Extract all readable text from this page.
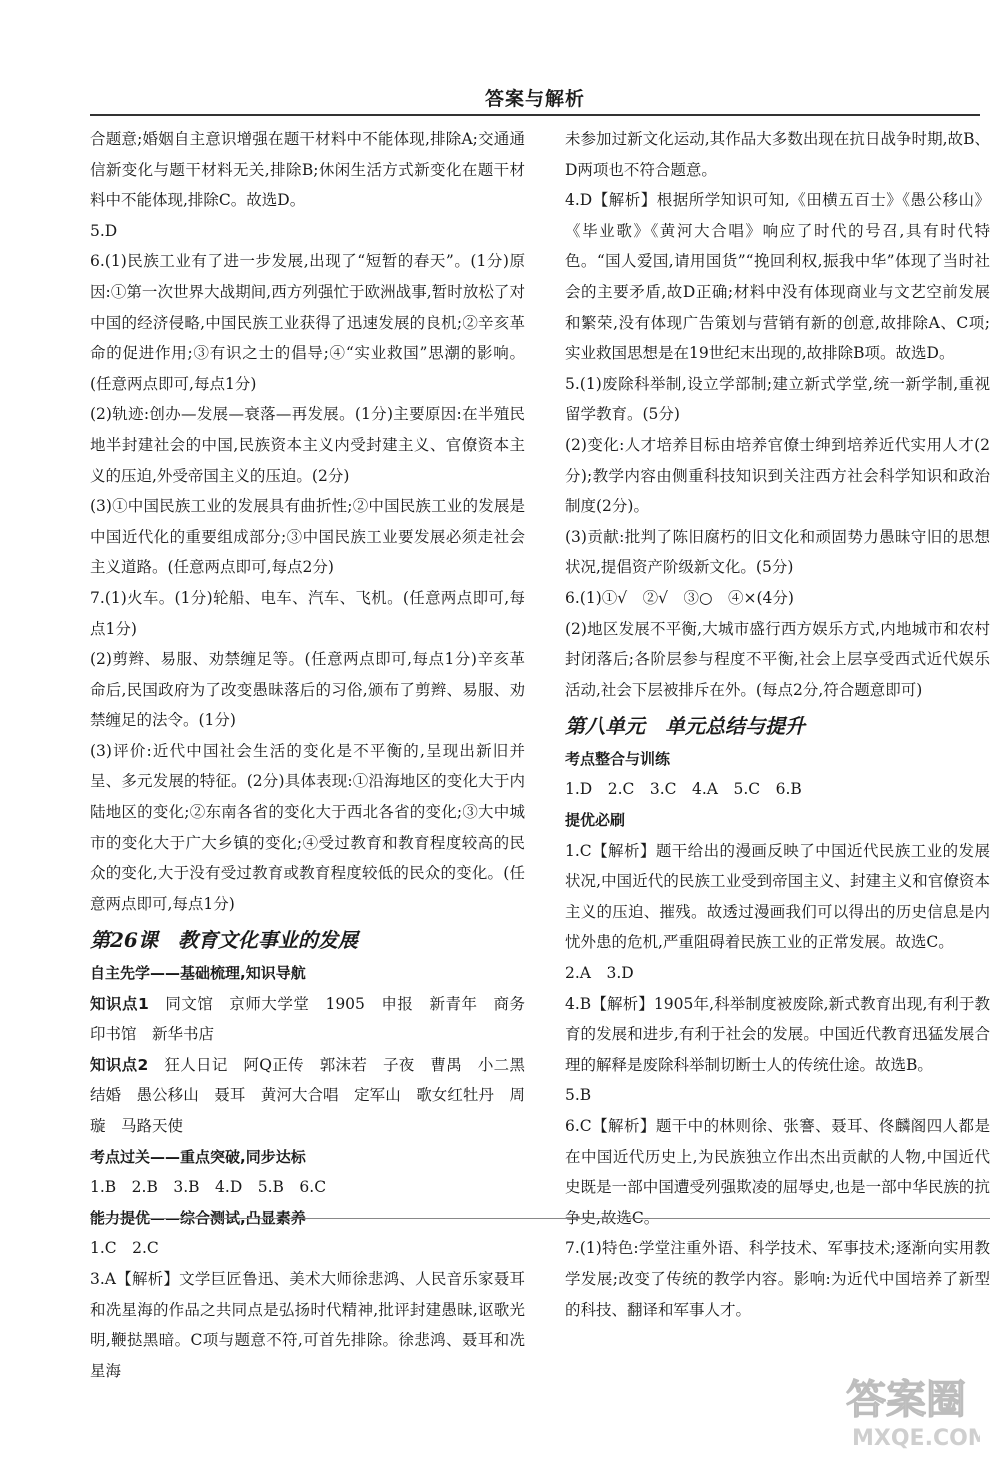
答案与解析

合题意;婚姻自主意识增强在题干材料中不能体现,排除A;交通通信新变化与题干材料无关,排除B;休闲生活方式新变化在题干材料中不能体现,排除C。故选D。

5.D

6.(1)民族工业有了进一步发展,出现了“短暂的春天”。(1分)原因:①第一次世界大战期间,西方列强忙于欧洲战事,暂时放松了对中国的经济侵略,中国民族工业获得了迅速发展的良机;②辛亥革命的促进作用;③有识之士的倡导;④“实业救国”思潮的影响。(任意两点即可,每点1分)

(2)轨迹:创办—发展—衰落—再发展。(1分)主要原因:在半殖民地半封建社会的中国,民族资本主义内受封建主义、官僚资本主义的压迫,外受帝国主义的压迫。(2分)

(3)①中国民族工业的发展具有曲折性;②中国民族工业的发展是中国近代化的重要组成部分;③中国民族工业要发展必须走社会主义道路。(任意两点即可,每点2分)

7.(1)火车。(1分)轮船、电车、汽车、飞机。(任意两点即可,每点1分)

(2)剪辫、易服、劝禁缠足等。(任意两点即可,每点1分)辛亥革命后,民国政府为了改变愚昧落后的习俗,颁布了剪辫、易服、劝禁缠足的法令。(1分)

(3)评价:近代中国社会生活的变化是不平衡的,呈现出新旧并呈、多元发展的特征。(2分)具体表现:①沿海地区的变化大于内陆地区的变化;②东南各省的变化大于西北各省的变化;③大中城市的变化大于广大乡镇的变化;④受过教育和教育程度较高的民众的变化,大于没有受过教育或教育程度较低的民众的变化。(任意两点即可,每点1分)

第26课　教育文化事业的发展

自主先学——基础梳理,知识导航

知识点1　 同文馆　京师大学堂　1905　申报　新青年　商务印书馆　新华书店

知识点2　 狂人日记　阿Q正传　郭沫若　子夜　曹禺　小二黑结婚　愚公移山　聂耳　黄河大合唱　定军山　歌女红牡丹　周璇　马路天使

考点过关——重点突破,同步达标

1.B　2.B　3.B　4.D　5.B　6.C

能力提优——综合测试,凸显素养

1.C　2.C

3.A【解析】文学巨匠鲁迅、美术大师徐悲鸿、人民音乐家聂耳和冼星海的作品之共同点是弘扬时代精神,批评封建愚昧,讴歌光明,鞭挞黑暗。C项与题意不符,可首先排除。徐悲鸿、聂耳和冼星海

未参加过新文化运动,其作品大多数出现在抗日战争时期,故B、D两项也不符合题意。

4.D【解析】根据所学知识可知,《田横五百士》《愚公移山》《毕业歌》《黄河大合唱》响应了时代的号召,具有时代特色。“国人爱国,请用国货”“挽回利权,振我中华”体现了当时社会的主要矛盾,故D正确;材料中没有体现商业与文艺空前发展和繁荣,没有体现广告策划与营销有新的创意,故排除A、C项;实业救国思想是在19世纪末出现的,故排除B项。故选D。

5.(1)废除科举制,设立学部制;建立新式学堂,统一新学制,重视留学教育。(5分)

(2)变化:人才培养目标由培养官僚士绅到培养近代实用人才(2分);教学内容由侧重科技知识到关注西方社会科学知识和政治制度(2分)。

(3)贡献:批判了陈旧腐朽的旧文化和顽固势力愚昧守旧的思想状况,提倡资产阶级新文化。(5分)

6.(1)①√　②√　③○　④×(4分)

(2)地区发展不平衡,大城市盛行西方娱乐方式,内地城市和农村封闭落后;各阶层参与程度不平衡,社会上层享受西式近代娱乐活动,社会下层被排斥在外。(每点2分,符合题意即可)

第八单元　单元总结与提升

考点整合与训练

1.D　2.C　3.C　4.A　5.C　6.B

提优必刷

1.C【解析】题干给出的漫画反映了中国近代民族工业的发展状况,中国近代的民族工业受到帝国主义、封建主义和官僚资本主义的压迫、摧残。故透过漫画我们可以得出的历史信息是内忧外患的危机,严重阻碍着民族工业的正常发展。故选C。

2.A　3.D

4.B【解析】1905年,科举制度被废除,新式教育出现,有利于教育的发展和进步,有利于社会的发展。中国近代教育迅猛发展合理的解释是废除科举制切断士人的传统仕途。故选B。

5.B

6.C【解析】题干中的林则徐、张謇、聂耳、佟麟阁四人都是在中国近代历史上,为民族独立作出杰出贡献的人物,中国近代史既是一部中国遭受列强欺凌的屈辱史,也是一部中华民族的抗争史,故选C。

7.(1)特色:学堂注重外语、科学技术、军事技术;逐渐向实用教学发展;改变了传统的教学内容。影响:为近代中国培养了新型的科技、翻译和军事人才。

答案圈
MXQE.COM
